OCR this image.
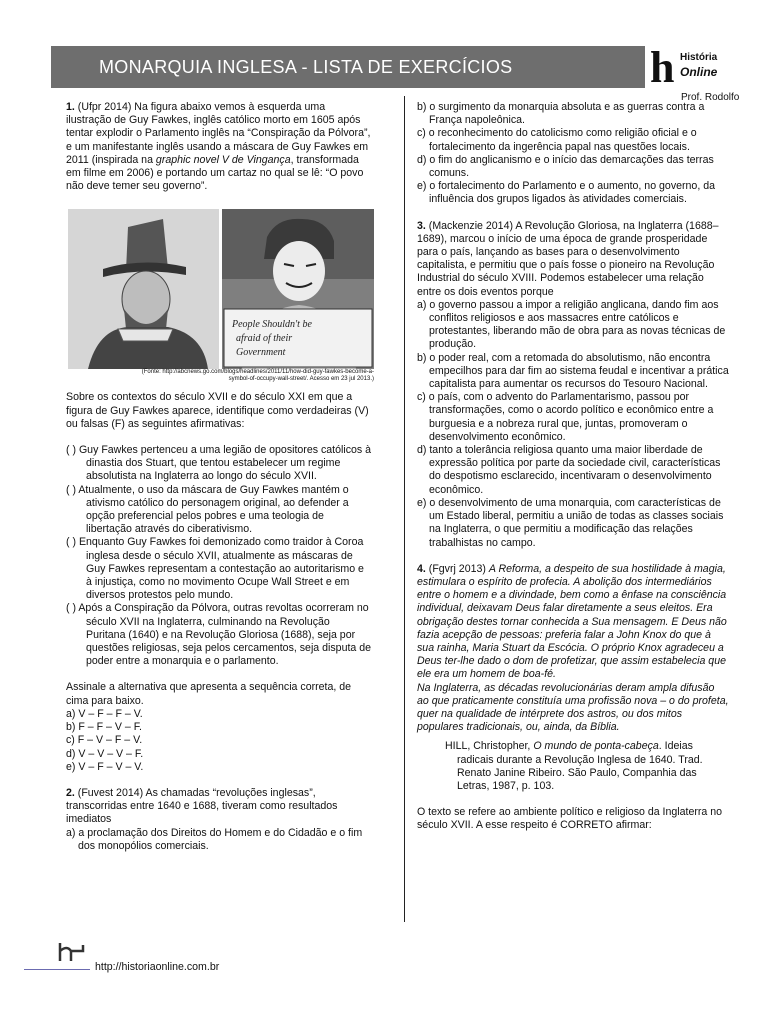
MONARQUIA INGLESA - LISTA DE EXERCÍCIOS	h História
Online
Prof. Rodolfo

1. (Ufpr 2014) Na figura abaixo vemos à esquerda uma ilustração de Guy Fawkes, inglês católico morto em 1605 após tentar explodir o Parlamento inglês na “Conspiração da Pólvora”, e um manifestante inglês usando a máscara de Guy Fawkes em 2011 (inspirada na graphic novel V de Vingança, transformada em filme em 2006) e portando um cartaz no qual se lê: “O povo não deve temer seu governo”.

People Shouldn't be
afraid of their
Government
(Fonte: http://abcnews.go.com/blogs/headlines/2011/11/how-did-guy-fawkes-become-a-symbol-of-occupy-wall-street/. Acesso em 23 jul 2013.)

Sobre os contextos do século XVII e do século XXI em que a figura de Guy Fawkes aparece, identifique como verdadeiras (V) ou falsas (F) as seguintes afirmativas:

( ) Guy Fawkes pertenceu a uma legião de opositores católicos à dinastia dos Stuart, que tentou estabelecer um regime absolutista na Inglaterra ao longo do século XVII.

( ) Atualmente, o uso da máscara de Guy Fawkes mantém o ativismo católico do personagem original, ao defender a opção preferencial pelos pobres e uma teologia de libertação através do ciberativismo.

( ) Enquanto Guy Fawkes foi demonizado como traidor à Coroa inglesa desde o século XVII, atualmente as máscaras de Guy Fawkes representam a contestação ao autoritarismo e à injustiça, como no movimento Ocupe Wall Street e em diversos protestos pelo mundo.

( ) Após a Conspiração da Pólvora, outras revoltas ocorreram no século XVII na Inglaterra, culminando na Revolução Puritana (1640) e na Revolução Gloriosa (1688), seja por questões religiosas, seja pelos cercamentos, seja disputa de poder entre a monarquia e o parlamento.

Assinale a alternativa que apresenta a sequência correta, de cima para baixo.

a) V – F – F – V.

b) F – F – V – F.

c) F – V – F – V.

d) V – V – V – F.

e) V – F – V – V.

2. (Fuvest 2014) As chamadas “revoluções inglesas”, transcorridas entre 1640 e 1688, tiveram como resultados imediatos

a) a proclamação dos Direitos do Homem e do Cidadão e o fim dos monopólios comerciais.

b) o surgimento da monarquia absoluta e as guerras contra a França napoleônica.

c) o reconhecimento do catolicismo como religião oficial e o fortalecimento da ingerência papal nas questões locais.

d) o fim do anglicanismo e o início das demarcações das terras comuns.

e) o fortalecimento do Parlamento e o aumento, no governo, da influência dos grupos ligados às atividades comerciais.

3. (Mackenzie 2014) A Revolução Gloriosa, na Inglaterra (1688–1689), marcou o início de uma época de grande prosperidade para o país, lançando as bases para o desenvolvimento capitalista, e permitiu que o país fosse o pioneiro na Revolução Industrial do século XVIII. Podemos estabelecer uma relação entre os dois eventos porque

a) o governo passou a impor a religião anglicana, dando fim aos conflitos religiosos e aos massacres entre católicos e protestantes, liberando mão de obra para as novas técnicas de produção.

b) o poder real, com a retomada do absolutismo, não encontra empecilhos para dar fim ao sistema feudal e incentivar a prática capitalista para aumentar os recursos do Tesouro Nacional.

c) o país, com o advento do Parlamentarismo, passou por transformações, como o acordo político e econômico entre a burguesia e a nobreza rural que, juntas, promoveram o desenvolvimento econômico.

d) tanto a tolerância religiosa quanto uma maior liberdade de expressão política por parte da sociedade civil, características do despotismo esclarecido, incentivaram o desenvolvimento econômico.

e) o desenvolvimento de uma monarquia, com características de um Estado liberal, permitiu a união de todas as classes sociais na Inglaterra, o que permitiu a modificação das relações trabalhistas no campo.

4. (Fgvrj 2013) A Reforma, a despeito de sua hostilidade à magia, estimulara o espírito de profecia. A abolição dos intermediários entre o homem e a divindade, bem como a ênfase na consciência individual, deixavam Deus falar diretamente a seus eleitos. Era obrigação destes tornar conhecida a Sua mensagem. E Deus não fazia acepção de pessoas: preferia falar a John Knox do que à sua rainha, Maria Stuart da Escócia. O próprio Knox agradeceu a Deus ter-lhe dado o dom de profetizar, que assim estabelecia que ele era um homem de boa-fé.

Na Inglaterra, as décadas revolucionárias deram ampla difusão ao que praticamente constituía uma profissão nova – o do profeta, quer na qualidade de intérprete dos astros, ou dos mitos populares tradicionais, ou, ainda, da Bíblia.

HILL, Christopher, O mundo de ponta-cabeça. Ideias radicais durante a Revolução Inglesa de 1640. Trad. Renato Janine Ribeiro. São Paulo, Companhia das Letras, 1987, p. 103.

O texto se refere ao ambiente político e religioso da Inglaterra no século XVII. A esse respeito é CORRETO afirmar:

http://historiaonline.com.br
